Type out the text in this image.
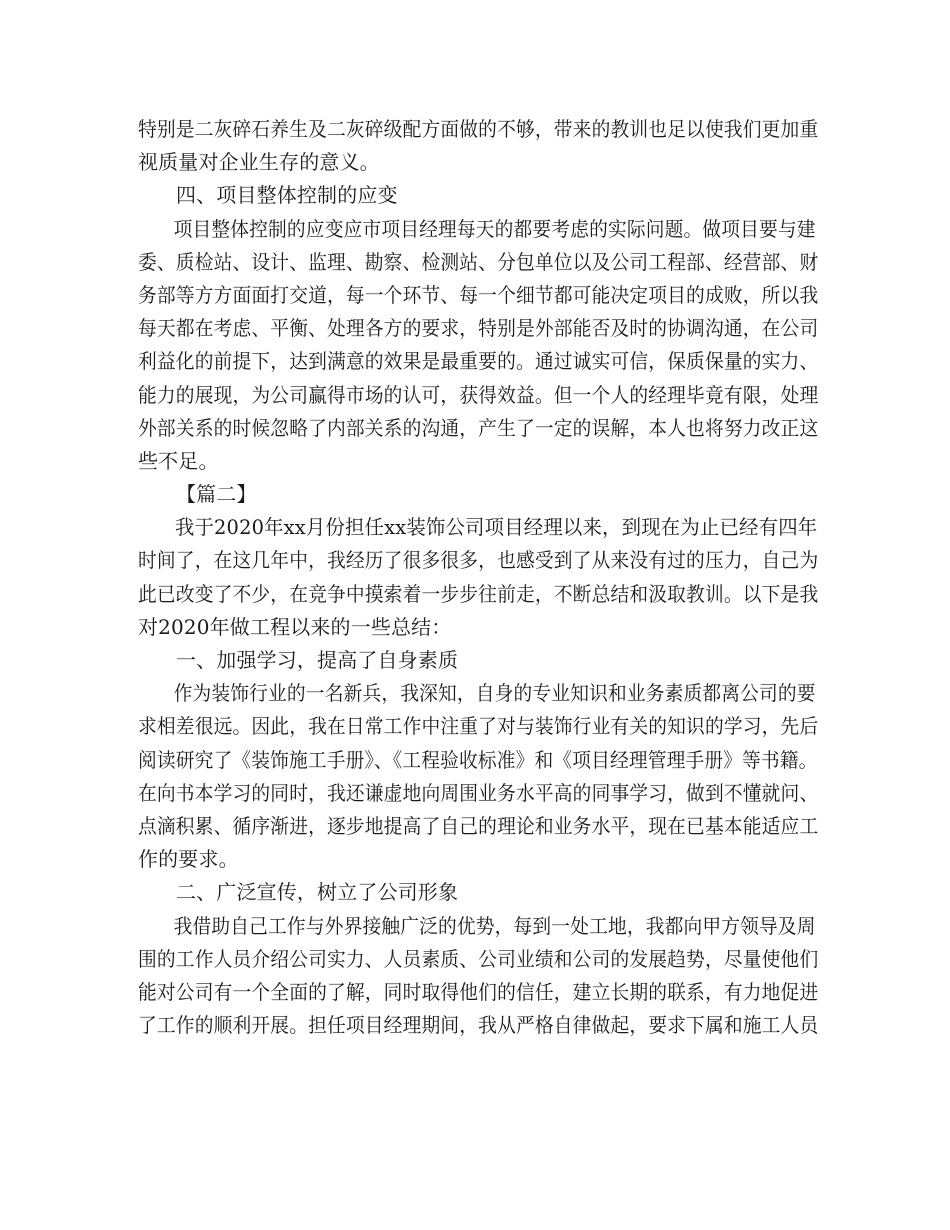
特别是二灰碎石养生及二灰碎级配方面做的不够，带来的教训也足以使我们更加重
视质量对企业生存的意义。
四、项目整体控制的应变
项目整体控制的应变应市项目经理每天的都要考虑的实际问题。做项目要与建
委、质检站、设计、监理、勘察、检测站、分包单位以及公司工程部、经营部、财
务部等方方面面打交道，每一个环节、每一个细节都可能决定项目的成败，所以我
每天都在考虑、平衡、处理各方的要求，特别是外部能否及时的协调沟通，在公司
利益化的前提下，达到满意的效果是最重要的。通过诚实可信，保质保量的实力、
能力的展现，为公司赢得市场的认可，获得效益。但一个人的经理毕竟有限，处理
外部关系的时候忽略了内部关系的沟通，产生了一定的误解，本人也将努力改正这
些不足。
【篇二】
我于2020年xx月份担任xx装饰公司项目经理以来，到现在为止已经有四年
时间了，在这几年中，我经历了很多很多，也感受到了从来没有过的压力，自己为
此已改变了不少，在竞争中摸索着一步步往前走，不断总结和汲取教训。以下是我
对2020年做工程以来的一些总结：
一、加强学习，提高了自身素质
作为装饰行业的一名新兵，我深知，自身的专业知识和业务素质都离公司的要
求相差很远。因此，我在日常工作中注重了对与装饰行业有关的知识的学习，先后
阅读研究了《装饰施工手册》、《工程验收标准》和《项目经理管理手册》等书籍。
在向书本学习的同时，我还谦虚地向周围业务水平高的同事学习，做到不懂就问、
点滴积累、循序渐进，逐步地提高了自己的理论和业务水平，现在已基本能适应工
作的要求。
二、广泛宣传，树立了公司形象
我借助自己工作与外界接触广泛的优势，每到一处工地，我都向甲方领导及周
围的工作人员介绍公司实力、人员素质、公司业绩和公司的发展趋势，尽量使他们
能对公司有一个全面的了解，同时取得他们的信任，建立长期的联系，有力地促进
了工作的顺利开展。担任项目经理期间，我从严格自律做起，要求下属和施工人员
